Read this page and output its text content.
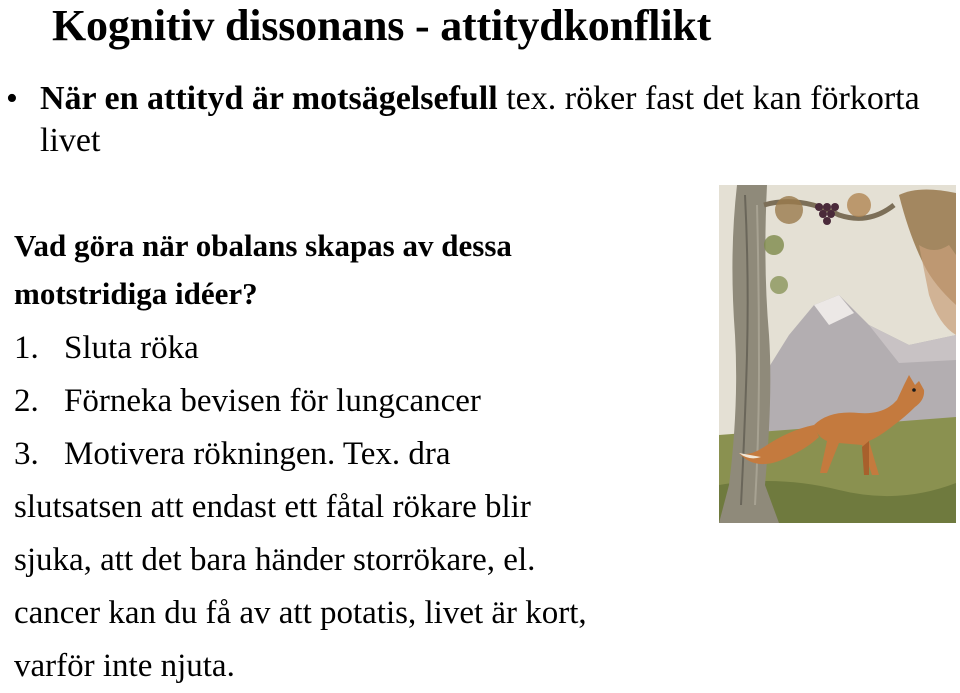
Kognitiv dissonans - attitydkonflikt
• När en attityd är motsägelsefull tex. röker fast det kan förkorta livet
Vad göra när obalans skapas av dessa
motstridiga idéer?
1. Sluta röka
2. Förneka bevisen för lungcancer
3. Motivera rökningen. Tex. dra
slutsatsen att endast ett fåtal rökare blir
sjuka, att det bara händer storrökare, el.
cancer kan du få av att potatis, livet är kort,
varför inte njuta.
